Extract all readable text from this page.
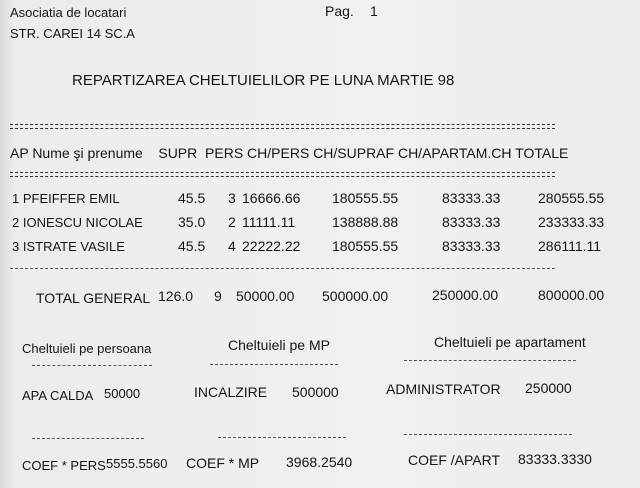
Asociatia de locatari
STR. CAREI 14 SC.A
Pag. 1
REPARTIZAREA CHELTUIELILOR PE LUNA MARTIE 98
AP Nume şi prenume    SUPR  PERS CH/PERS CH/SUPRAF CH/APARTAM.CH TOTALE
1 PFEIFFER EMIL	45.5 3 16666.66 180555.55	83333.33	280555.55
2 IONESCU NICOLAE	35.0 2 11111.11	138888.88	83333.33	233333.33
3 ISTRATE VASILE	45.5 4 22222.22 180555.55	83333.33	286111.11
TOTAL GENERAL 126.0 9 50000.00 500000.00	250000.00	800000.00
Cheltuieli pe persoana	Cheltuieli pe MP	Cheltuieli pe apartament
APA CALDA 50000	INCALZIRE 500000	ADMINISTRATOR 250000
COEF * PERS 5555.5560 COEF * MP 3968.2540	COEF /APART 83333.3330
